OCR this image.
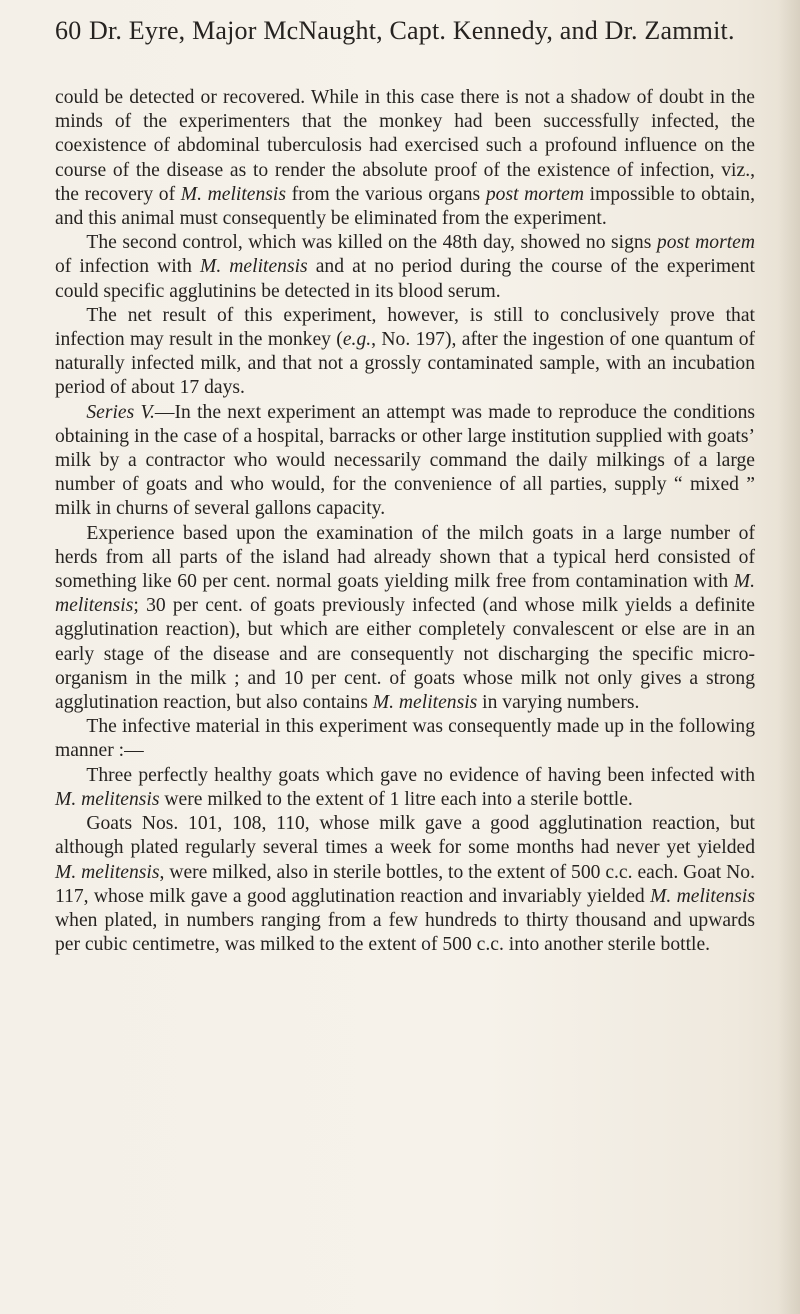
60 Dr. Eyre, Major McNaught, Capt. Kennedy, and Dr. Zammit.

could be detected or recovered. While in this case there is not a shadow of doubt in the minds of the experimenters that the monkey had been successfully infected, the coexistence of abdominal tuberculosis had exercised such a profound influence on the course of the disease as to render the absolute proof of the existence of infection, viz., the recovery of M. melitensis from the various organs post mortem impossible to obtain, and this animal must consequently be eliminated from the experiment.

The second control, which was killed on the 48th day, showed no signs post mortem of infection with M. melitensis and at no period during the course of the experiment could specific agglutinins be detected in its blood serum.

The net result of this experiment, however, is still to conclusively prove that infection may result in the monkey (e.g., No. 197), after the ingestion of one quantum of naturally infected milk, and that not a grossly contaminated sample, with an incubation period of about 17 days.

Series V.—In the next experiment an attempt was made to reproduce the conditions obtaining in the case of a hospital, barracks or other large institution supplied with goats’ milk by a contractor who would necessarily command the daily milkings of a large number of goats and who would, for the convenience of all parties, supply “ mixed ” milk in churns of several gallons capacity.

Experience based upon the examination of the milch goats in a large number of herds from all parts of the island had already shown that a typical herd consisted of something like 60 per cent. normal goats yielding milk free from contamination with M. melitensis; 30 per cent. of goats previously infected (and whose milk yields a definite agglutination reaction), but which are either completely convalescent or else are in an early stage of the disease and are consequently not discharging the specific micro-organism in the milk ; and 10 per cent. of goats whose milk not only gives a strong agglutination reaction, but also contains M. melitensis in varying numbers.

The infective material in this experiment was consequently made up in the following manner :—

Three perfectly healthy goats which gave no evidence of having been infected with M. melitensis were milked to the extent of 1 litre each into a sterile bottle.

Goats Nos. 101, 108, 110, whose milk gave a good agglutination reaction, but although plated regularly several times a week for some months had never yet yielded M. melitensis, were milked, also in sterile bottles, to the extent of 500 c.c. each. Goat No. 117, whose milk gave a good agglutination reaction and invariably yielded M. melitensis when plated, in numbers ranging from a few hundreds to thirty thousand and upwards per cubic centimetre, was milked to the extent of 500 c.c. into another sterile bottle.
